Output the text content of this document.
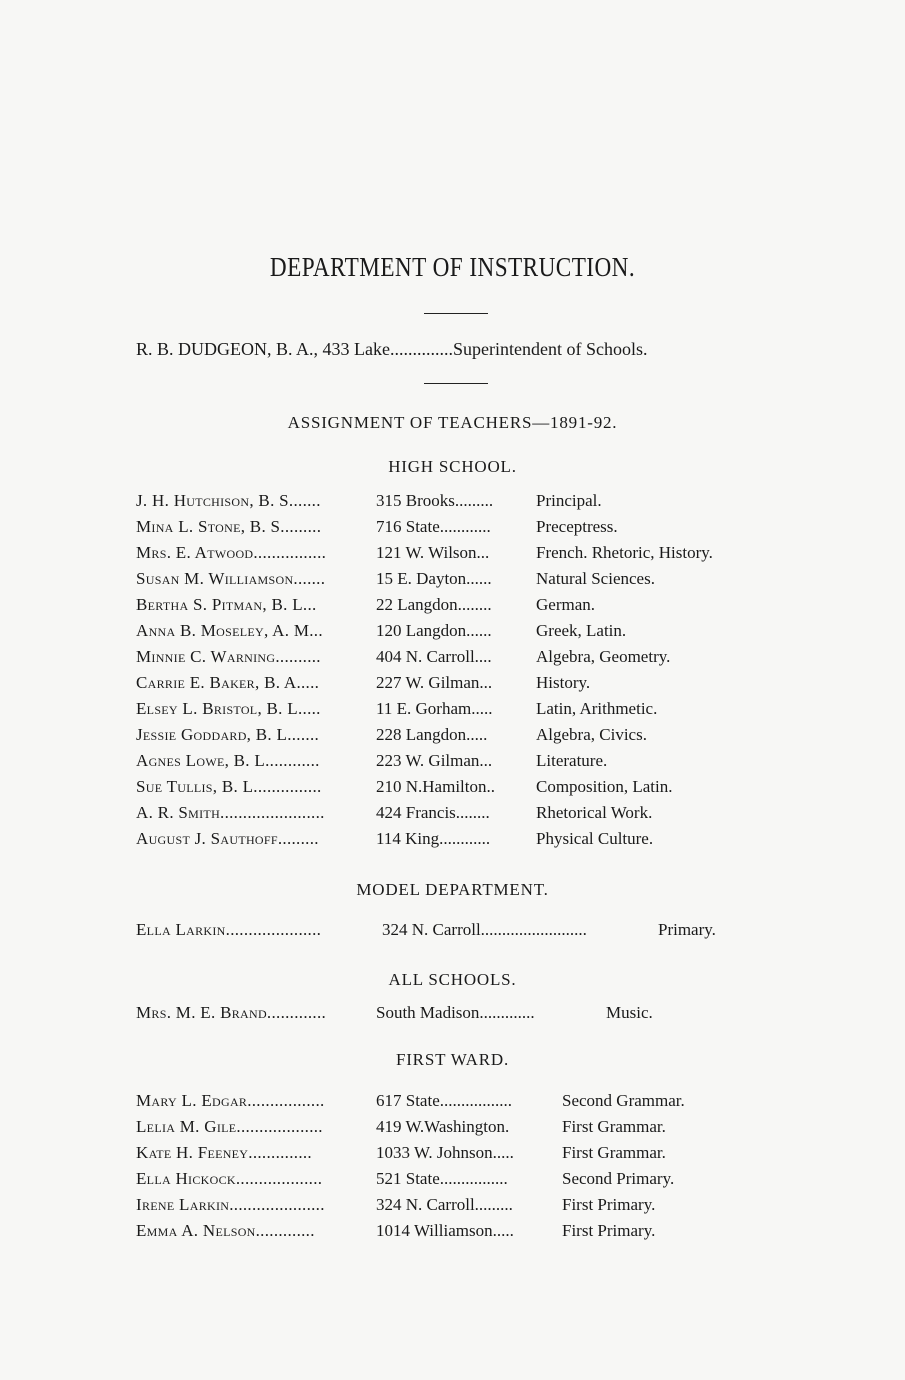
DEPARTMENT OF INSTRUCTION.
R. B. DUDGEON, B. A., 433 Lake..............Superintendent of Schools.
ASSIGNMENT OF TEACHERS—1891-92.
HIGH SCHOOL.
J. H. Hutchison, B. S.......	315 Brooks.........	Principal.
Mina L. Stone, B. S.........	716 State............	Preceptress.
Mrs. E. Atwood................	121 W. Wilson...	French. Rhetoric, History.
Susan M. Williamson.......	15 E. Dayton......	Natural Sciences.
Bertha S. Pitman, B. L...	22 Langdon........	German.
Anna B. Moseley, A. M...	120 Langdon......	Greek, Latin.
Minnie C. Warning..........	404 N. Carroll....	Algebra, Geometry.
Carrie E. Baker, B. A.....	227 W. Gilman...	History.
Elsey L. Bristol, B. L.....	11 E. Gorham.....	Latin, Arithmetic.
Jessie Goddard, B. L.......	228 Langdon.....	Algebra, Civics.
Agnes Lowe, B. L............	223 W. Gilman...	Literature.
Sue Tullis, B. L...............	210 N.Hamilton.. Composition, Latin.
A. R. Smith.......................	424 Francis........	Rhetorical Work.
August J. Sauthoff.........	114 King............	Physical Culture.
MODEL DEPARTMENT.
Ella Larkin.....................	324 N. Carroll.........................	Primary.
ALL SCHOOLS.
Mrs. M. E. Brand.............	South Madison.............	Music.
FIRST WARD.
Mary L. Edgar.................	617 State.................	Second Grammar.
Lelia M. Gile...................	419 W.Washington.	First Grammar.
Kate H. Feeney..............	1033 W. Johnson.....	First Grammar.
Ella Hickock...................	521 State................	Second Primary.
Irene Larkin.....................	324 N. Carroll.........	First Primary.
Emma A. Nelson.............	1014 Williamson.....	First Primary.
